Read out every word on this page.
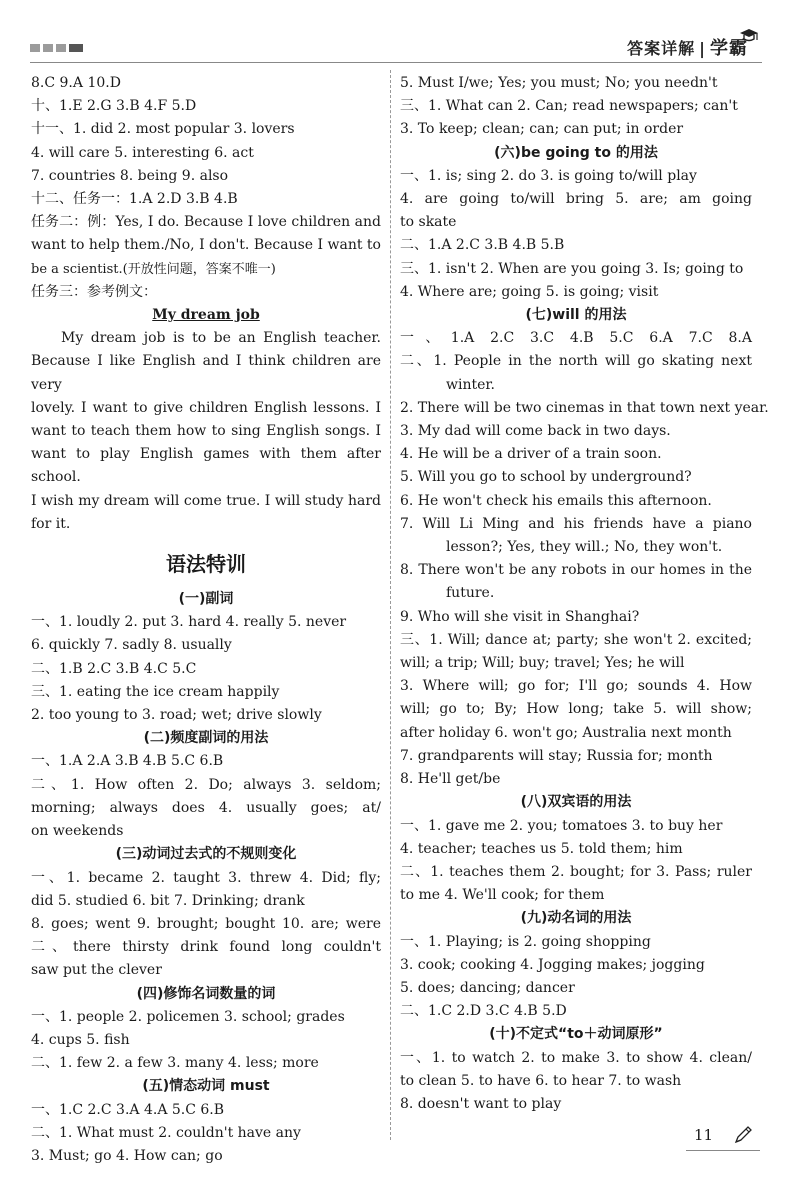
答案详解 | 学霸
8.C 9.A 10.D
十、1.E 2.G 3.B 4.F 5.D
十一、1. did 2. most popular 3. lovers
4. will care 5. interesting 6. act
7. countries 8. being 9. also
十二、任务一：1.A 2.D 3.B 4.B
任务二：例：Yes, I do. Because I love children and
want to help them./No, I don't. Because I want to
be a scientist.(开放性问题，答案不唯一)
任务三：参考例文：
My dream job
My dream job is to be an English teacher.
Because I like English and I think children are very
lovely. I want to give children English lessons. I
want to teach them how to sing English songs. I
want to play English games with them after school.
I wish my dream will come true. I will study hard
for it.
语法特训
(一)副词
一、1. loudly 2. put 3. hard 4. really 5. never
6. quickly 7. sadly 8. usually
二、1.B 2.C 3.B 4.C 5.C
三、1. eating the ice cream happily
2. too young to 3. road; wet; drive slowly
(二)频度副词的用法
一、1.A 2.A 3.B 4.B 5.C 6.B
二、1. How often 2. Do; always 3. seldom;
morning; always does 4. usually goes; at/
on weekends
(三)动词过去式的不规则变化
一、1. became 2. taught 3. threw 4. Did; fly;
did 5. studied 6. bit 7. Drinking; drank
8. goes; went 9. brought; bought 10. are; were
二、there thirsty drink found long couldn't
saw put the clever
(四)修饰名词数量的词
一、1. people 2. policemen 3. school; grades
4. cups 5. fish
二、1. few 2. a few 3. many 4. less; more
(五)情态动词 must
一、1.C 2.C 3.A 4.A 5.C 6.B
二、1. What must 2. couldn't have any
3. Must; go 4. How can; go
5. Must I/we; Yes; you must; No; you needn't
三、1. What can 2. Can; read newspapers; can't
3. To keep; clean; can; can put; in order
(六)be going to 的用法
一、1. is; sing 2. do 3. is going to/will play
4. are going to/will bring 5. are; am going
to skate
二、1.A 2.C 3.B 4.B 5.B
三、1. isn't 2. When are you going 3. Is; going to
4. Where are; going 5. is going; visit
(七)will 的用法
一、1.A 2.C 3.C 4.B 5.C 6.A 7.C 8.A
二、1. People in the north will go skating next
winter.
2. There will be two cinemas in that town next year.
3. My dad will come back in two days.
4. He will be a driver of a train soon.
5. Will you go to school by underground?
6. He won't check his emails this afternoon.
7. Will Li Ming and his friends have a piano
lesson?; Yes, they will.; No, they won't.
8. There won't be any robots in our homes in the
future.
9. Who will she visit in Shanghai?
三、1. Will; dance at; party; she won't 2. excited;
will; a trip; Will; buy; travel; Yes; he will
3. Where will; go for; I'll go; sounds 4. How
will; go to; By; How long; take 5. will show;
after holiday 6. won't go; Australia next month
7. grandparents will stay; Russia for; month
8. He'll get/be
(八)双宾语的用法
一、1. gave me 2. you; tomatoes 3. to buy her
4. teacher; teaches us 5. told them; him
二、1. teaches them 2. bought; for 3. Pass; ruler
to me 4. We'll cook; for them
(九)动名词的用法
一、1. Playing; is 2. going shopping
3. cook; cooking 4. Jogging makes; jogging
5. does; dancing; dancer
二、1.C 2.D 3.C 4.B 5.D
(十)不定式“to＋动词原形”
一、1. to watch 2. to make 3. to show 4. clean/
to clean 5. to have 6. to hear 7. to wash
8. doesn't want to play
11
